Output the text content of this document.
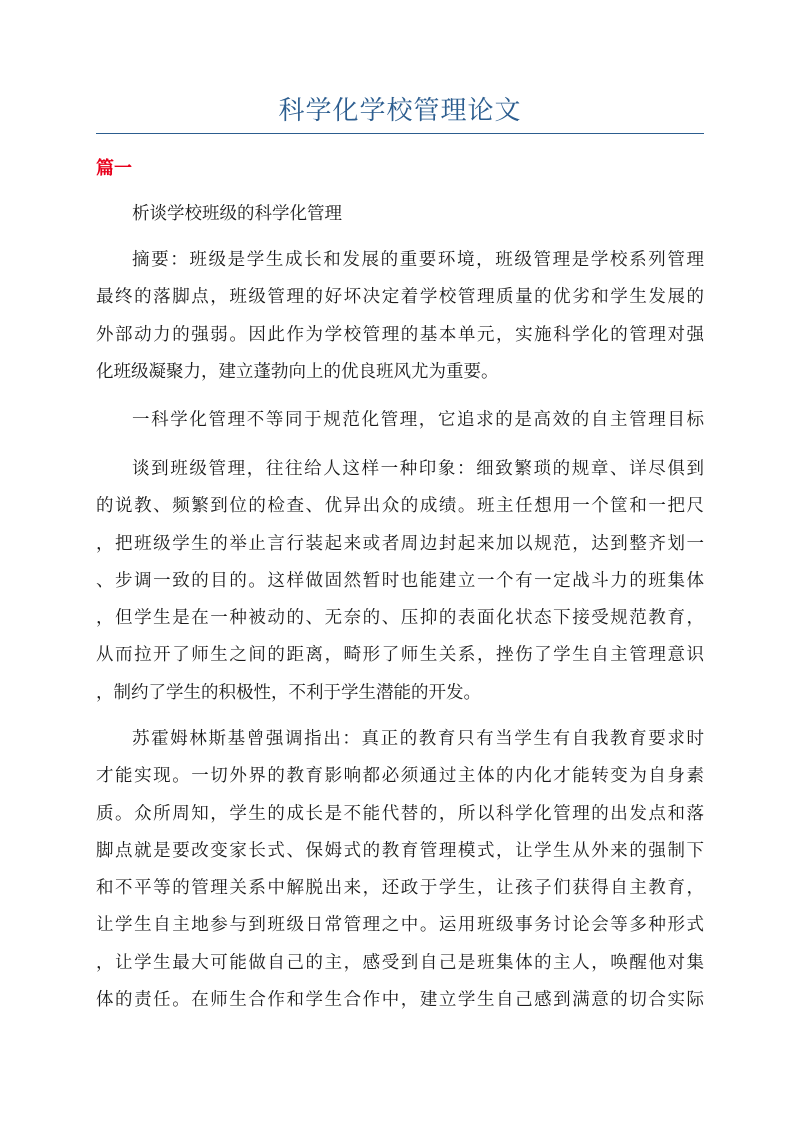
科学化学校管理论文
篇一
析谈学校班级的科学化管理
摘要：班级是学生成长和发展的重要环境，班级管理是学校系列管理
最终的落脚点，班级管理的好坏决定着学校管理质量的优劣和学生发展的
外部动力的强弱。因此作为学校管理的基本单元，实施科学化的管理对强
化班级凝聚力，建立蓬勃向上的优良班风尤为重要。
一科学化管理不等同于规范化管理，它追求的是高效的自主管理目标
谈到班级管理，往往给人这样一种印象：细致繁琐的规章、详尽俱到
的说教、频繁到位的检查、优异出众的成绩。班主任想用一个筐和一把尺
，把班级学生的举止言行装起来或者周边封起来加以规范，达到整齐划一
、步调一致的目的。这样做固然暂时也能建立一个有一定战斗力的班集体
，但学生是在一种被动的、无奈的、压抑的表面化状态下接受规范教育，
从而拉开了师生之间的距离，畸形了师生关系，挫伤了学生自主管理意识
，制约了学生的积极性，不利于学生潜能的开发。
苏霍姆林斯基曾强调指出：真正的教育只有当学生有自我教育要求时
才能实现。一切外界的教育影响都必须通过主体的内化才能转变为自身素
质。众所周知，学生的成长是不能代替的，所以科学化管理的出发点和落
脚点就是要改变家长式、保姆式的教育管理模式，让学生从外来的强制下
和不平等的管理关系中解脱出来，还政于学生，让孩子们获得自主教育，
让学生自主地参与到班级日常管理之中。运用班级事务讨论会等多种形式
，让学生最大可能做自己的主，感受到自己是班集体的主人，唤醒他对集
体的责任。在师生合作和学生合作中，建立学生自己感到满意的切合实际
